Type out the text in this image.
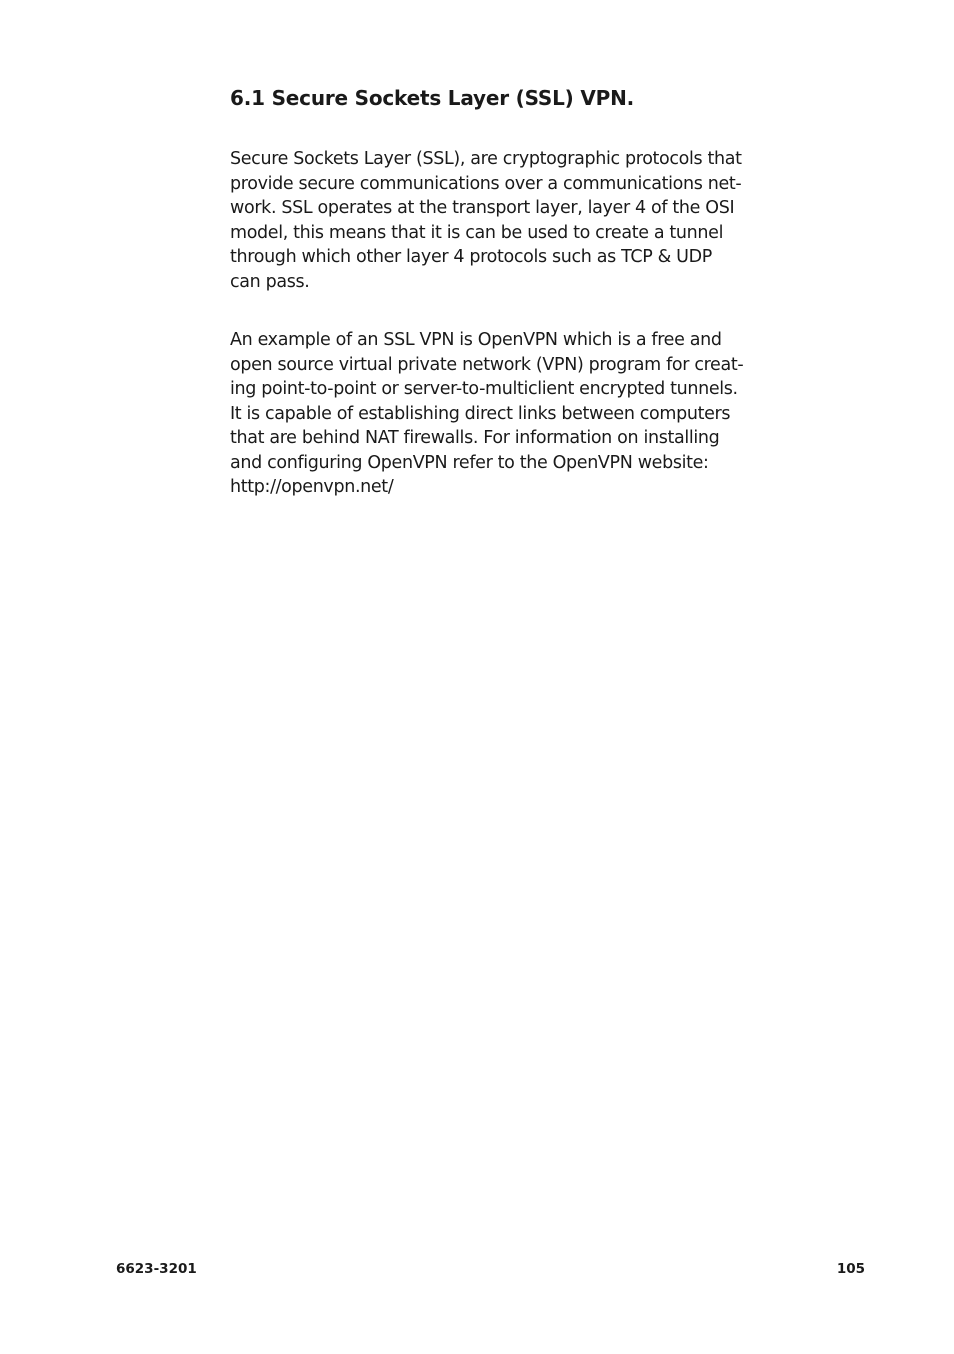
6.1 Secure Sockets Layer (SSL) VPN.

Secure Sockets Layer (SSL), are cryptographic protocols that

provide secure communications over a communications net-

work. SSL operates at the transport layer, layer 4 of the OSI

model, this means that it is can be used to create a tunnel

through which other layer 4 protocols such as TCP & UDP

can pass.

An example of an SSL VPN is OpenVPN which is a free and

open source virtual private network (VPN) program for creat-

ing point-to-point or server-to-multiclient encrypted tunnels.

It is capable of establishing direct links between computers

that are behind NAT firewalls. For information on installing

and configuring OpenVPN refer to the OpenVPN website:

http://openvpn.net/

6623-3201	105
